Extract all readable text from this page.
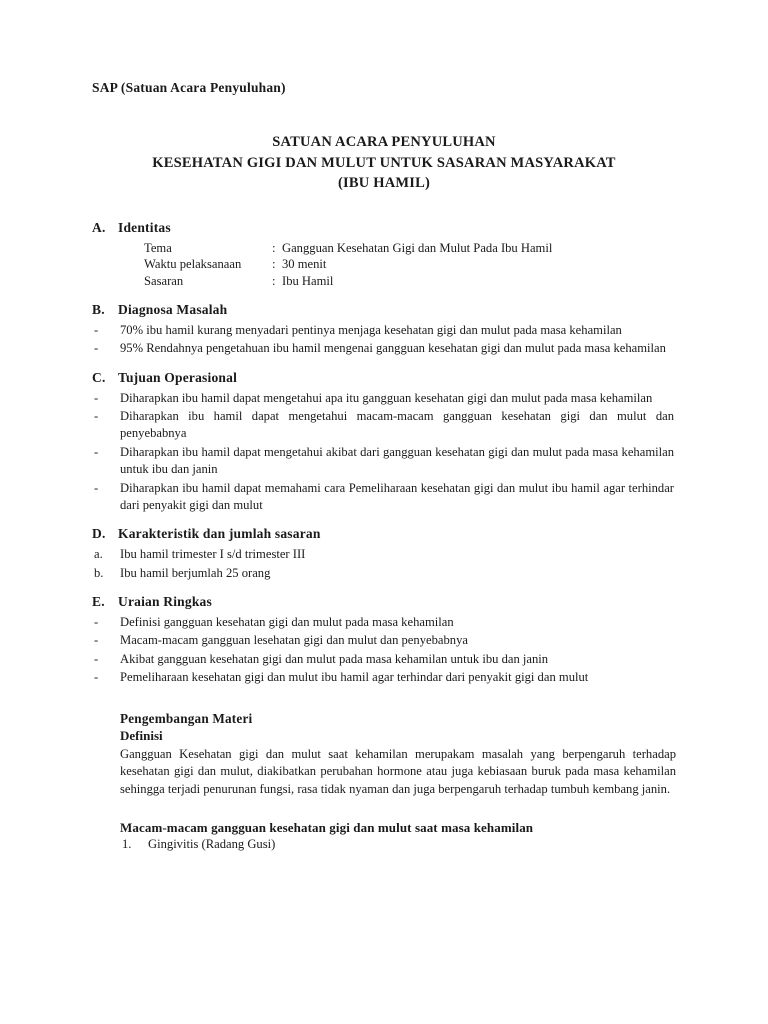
SAP (Satuan Acara Penyuluhan)
SATUAN ACARA PENYULUHAN
KESEHATAN GIGI DAN MULUT UNTUK SASARAN MASYARAKAT
(IBU HAMIL)
A. Identitas
Tema	: Gangguan Kesehatan Gigi dan Mulut Pada Ibu Hamil
Waktu pelaksanaan	: 30 menit
Sasaran	: Ibu Hamil
B. Diagnosa Masalah
-	70% ibu hamil kurang menyadari pentinya menjaga kesehatan gigi dan mulut pada masa kehamilan
-	95% Rendahnya pengetahuan ibu hamil mengenai gangguan kesehatan gigi dan mulut pada masa kehamilan
C. Tujuan Operasional
-	Diharapkan ibu hamil dapat mengetahui apa itu gangguan kesehatan gigi dan mulut pada masa kehamilan
-	Diharapkan ibu hamil dapat mengetahui macam-macam gangguan kesehatan gigi dan mulut dan penyebabnya
-	Diharapkan ibu hamil dapat mengetahui akibat dari gangguan kesehatan gigi dan mulut pada masa kehamilan untuk ibu dan janin
-	Diharapkan ibu hamil dapat memahami cara Pemeliharaan kesehatan gigi dan mulut ibu hamil agar terhindar dari penyakit gigi dan mulut
D. Karakteristik dan jumlah sasaran
a.	Ibu hamil trimester I s/d trimester III
b.	Ibu hamil berjumlah 25 orang
E. Uraian Ringkas
-	Definisi gangguan kesehatan gigi dan mulut pada masa kehamilan
-	Macam-macam gangguan lesehatan gigi dan mulut dan penyebabnya
-	Akibat gangguan kesehatan gigi dan mulut pada masa kehamilan untuk ibu dan janin
-	Pemeliharaan kesehatan gigi dan mulut ibu hamil agar terhindar dari penyakit gigi dan mulut
Pengembangan Materi
Definisi
Gangguan Kesehatan gigi dan mulut saat kehamilan merupakam masalah yang berpengaruh terhadap kesehatan gigi dan mulut, diakibatkan perubahan hormone atau juga kebiasaan buruk pada masa kehamilan sehingga terjadi penurunan fungsi, rasa tidak nyaman dan juga berpengaruh terhadap tumbuh kembang janin.
Macam-macam gangguan kesehatan gigi dan mulut saat masa kehamilan
1.	Gingivitis (Radang Gusi)
